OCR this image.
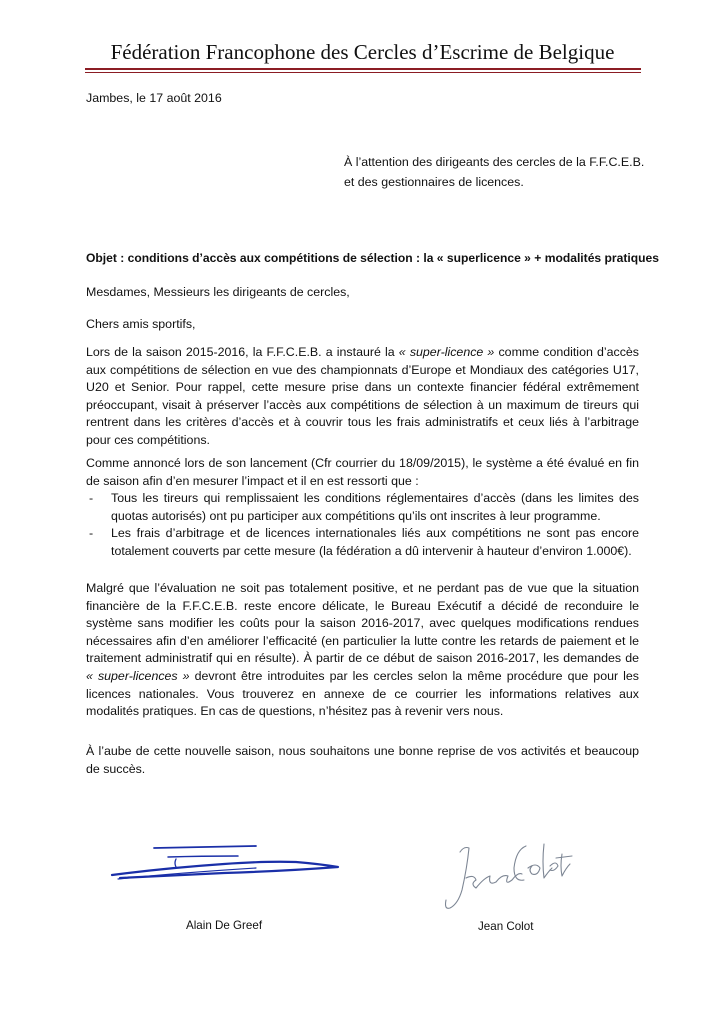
Fédération Francophone des Cercles d’Escrime de Belgique
Jambes, le 17 août 2016
À l’attention des dirigeants des cercles de la F.F.C.E.B.
et des gestionnaires de licences.
Objet : conditions d’accès aux compétitions de sélection : la « superlicence » + modalités pratiques
Mesdames, Messieurs les dirigeants de cercles,
Chers amis sportifs,
Lors de la saison 2015-2016, la F.F.C.E.B. a instauré la « super-licence » comme condition d’accès aux compétitions de sélection en vue des championnats d’Europe et Mondiaux des catégories U17, U20 et Senior. Pour rappel, cette mesure prise dans un contexte financier fédéral extrêmement préoccupant, visait à préserver l’accès aux compétitions de sélection à un maximum de tireurs qui rentrent dans les critères d’accès et à couvrir tous les frais administratifs et ceux liés à l’arbitrage pour ces compétitions.
Comme annoncé lors de son lancement (Cfr courrier du 18/09/2015), le système a été évalué en fin de saison afin d’en mesurer l’impact et il en est ressorti que :
- Tous les tireurs qui remplissaient les conditions réglementaires d’accès (dans les limites des quotas autorisés) ont pu participer aux compétitions qu’ils ont inscrites à leur programme.
- Les frais d’arbitrage et de licences internationales liés aux compétitions ne sont pas encore totalement couverts par cette mesure (la fédération a dû intervenir à hauteur d’environ 1.000€).
Malgré que l’évaluation ne soit pas totalement positive, et ne perdant pas de vue que la situation financière de la F.F.C.E.B. reste encore délicate, le Bureau Exécutif a décidé de reconduire le système sans modifier les coûts pour la saison 2016-2017, avec quelques modifications rendues nécessaires afin d’en améliorer l’efficacité (en particulier la lutte contre les retards de paiement et le traitement administratif qui en résulte). À partir de ce début de saison 2016-2017, les demandes de « super-licences » devront être introduites par les cercles selon la même procédure que pour les licences nationales. Vous trouverez en annexe de ce courrier les informations relatives aux modalités pratiques. En cas de questions, n’hésitez pas à revenir vers nous.
À l’aube de cette nouvelle saison, nous souhaitons une bonne reprise de vos activités et beaucoup de succès.
Alain De Greef	Jean Colot
